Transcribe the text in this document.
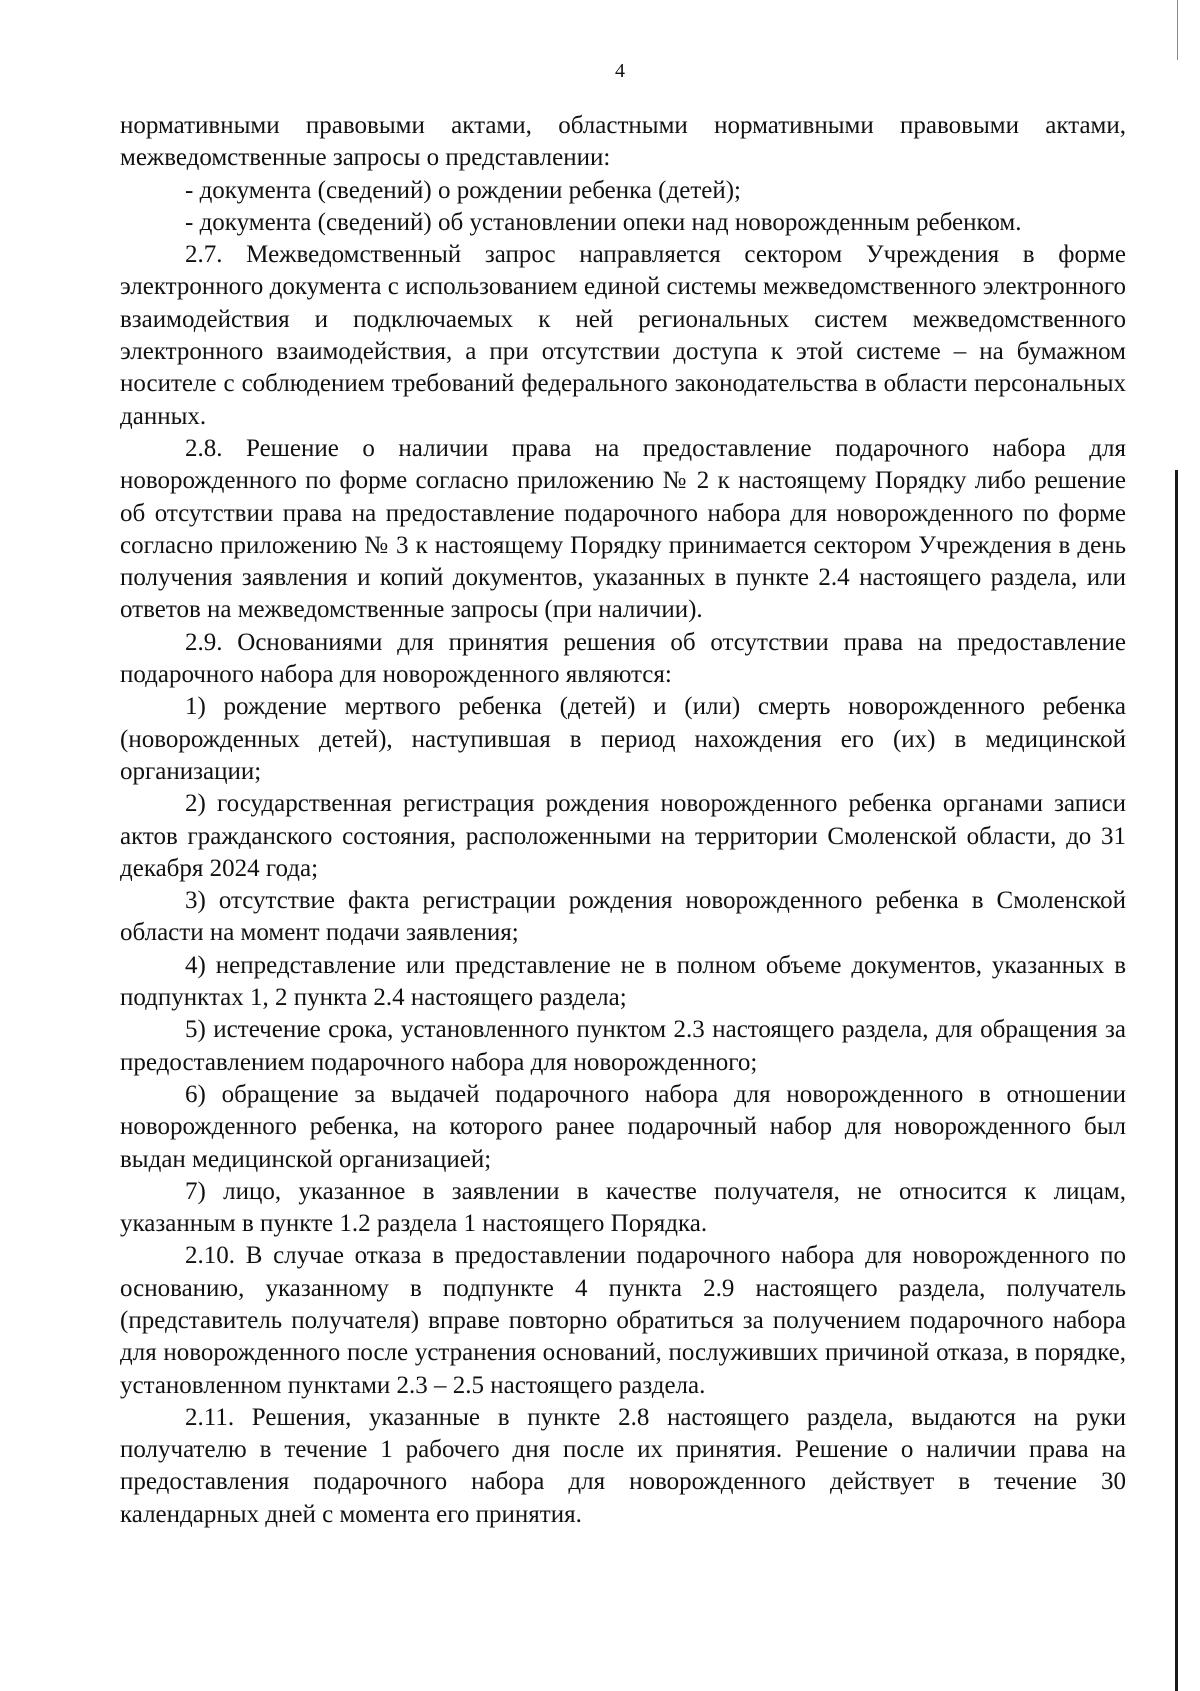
4

нормативными правовыми актами, областными нормативными правовыми актами, межведомственные запросы о представлении:

- документа (сведений) о рождении ребенка (детей);

- документа (сведений) об установлении опеки над новорожденным ребенком.

2.7. Межведомственный запрос направляется сектором Учреждения в форме электронного документа с использованием единой системы межведомственного электронного взаимодействия и подключаемых к ней региональных систем межведомственного электронного взаимодействия, а при отсутствии доступа к этой системе – на бумажном носителе с соблюдением требований федерального законодательства в области персональных данных.

2.8. Решение о наличии права на предоставление подарочного набора для новорожденного по форме согласно приложению № 2 к настоящему Порядку либо решение об отсутствии права на предоставление подарочного набора для новорожденного по форме согласно приложению № 3 к настоящему Порядку принимается сектором Учреждения в день получения заявления и копий документов, указанных в пункте 2.4 настоящего раздела, или ответов на межведомственные запросы (при наличии).

2.9. Основаниями для принятия решения об отсутствии права на предоставление подарочного набора для новорожденного являются:

1) рождение мертвого ребенка (детей) и (или) смерть новорожденного ребенка (новорожденных детей), наступившая в период нахождения его (их) в медицинской организации;

2) государственная регистрация рождения новорожденного ребенка органами записи актов гражданского состояния, расположенными на территории Смоленской области, до 31 декабря 2024 года;

3) отсутствие факта регистрации рождения новорожденного ребенка в Смоленской области на момент подачи заявления;

4) непредставление или представление не в полном объеме документов, указанных в подпунктах 1, 2 пункта 2.4 настоящего раздела;

5) истечение срока, установленного пунктом 2.3 настоящего раздела, для обращения за предоставлением подарочного набора для новорожденного;

6) обращение за выдачей подарочного набора для новорожденного в отношении новорожденного ребенка, на которого ранее подарочный набор для новорожденного был выдан медицинской организацией;

7) лицо, указанное в заявлении в качестве получателя, не относится к лицам, указанным в пункте 1.2 раздела 1 настоящего Порядка.

2.10. В случае отказа в предоставлении подарочного набора для новорожденного по основанию, указанному в подпункте 4 пункта 2.9 настоящего раздела, получатель (представитель получателя) вправе повторно обратиться за получением подарочного набора для новорожденного после устранения оснований, послуживших причиной отказа, в порядке, установленном пунктами 2.3 – 2.5 настоящего раздела.

2.11. Решения, указанные в пункте 2.8 настоящего раздела, выдаются на руки получателю в течение 1 рабочего дня после их принятия. Решение о наличии права на предоставления подарочного набора для новорожденного действует в течение 30 календарных дней с момента его принятия.
